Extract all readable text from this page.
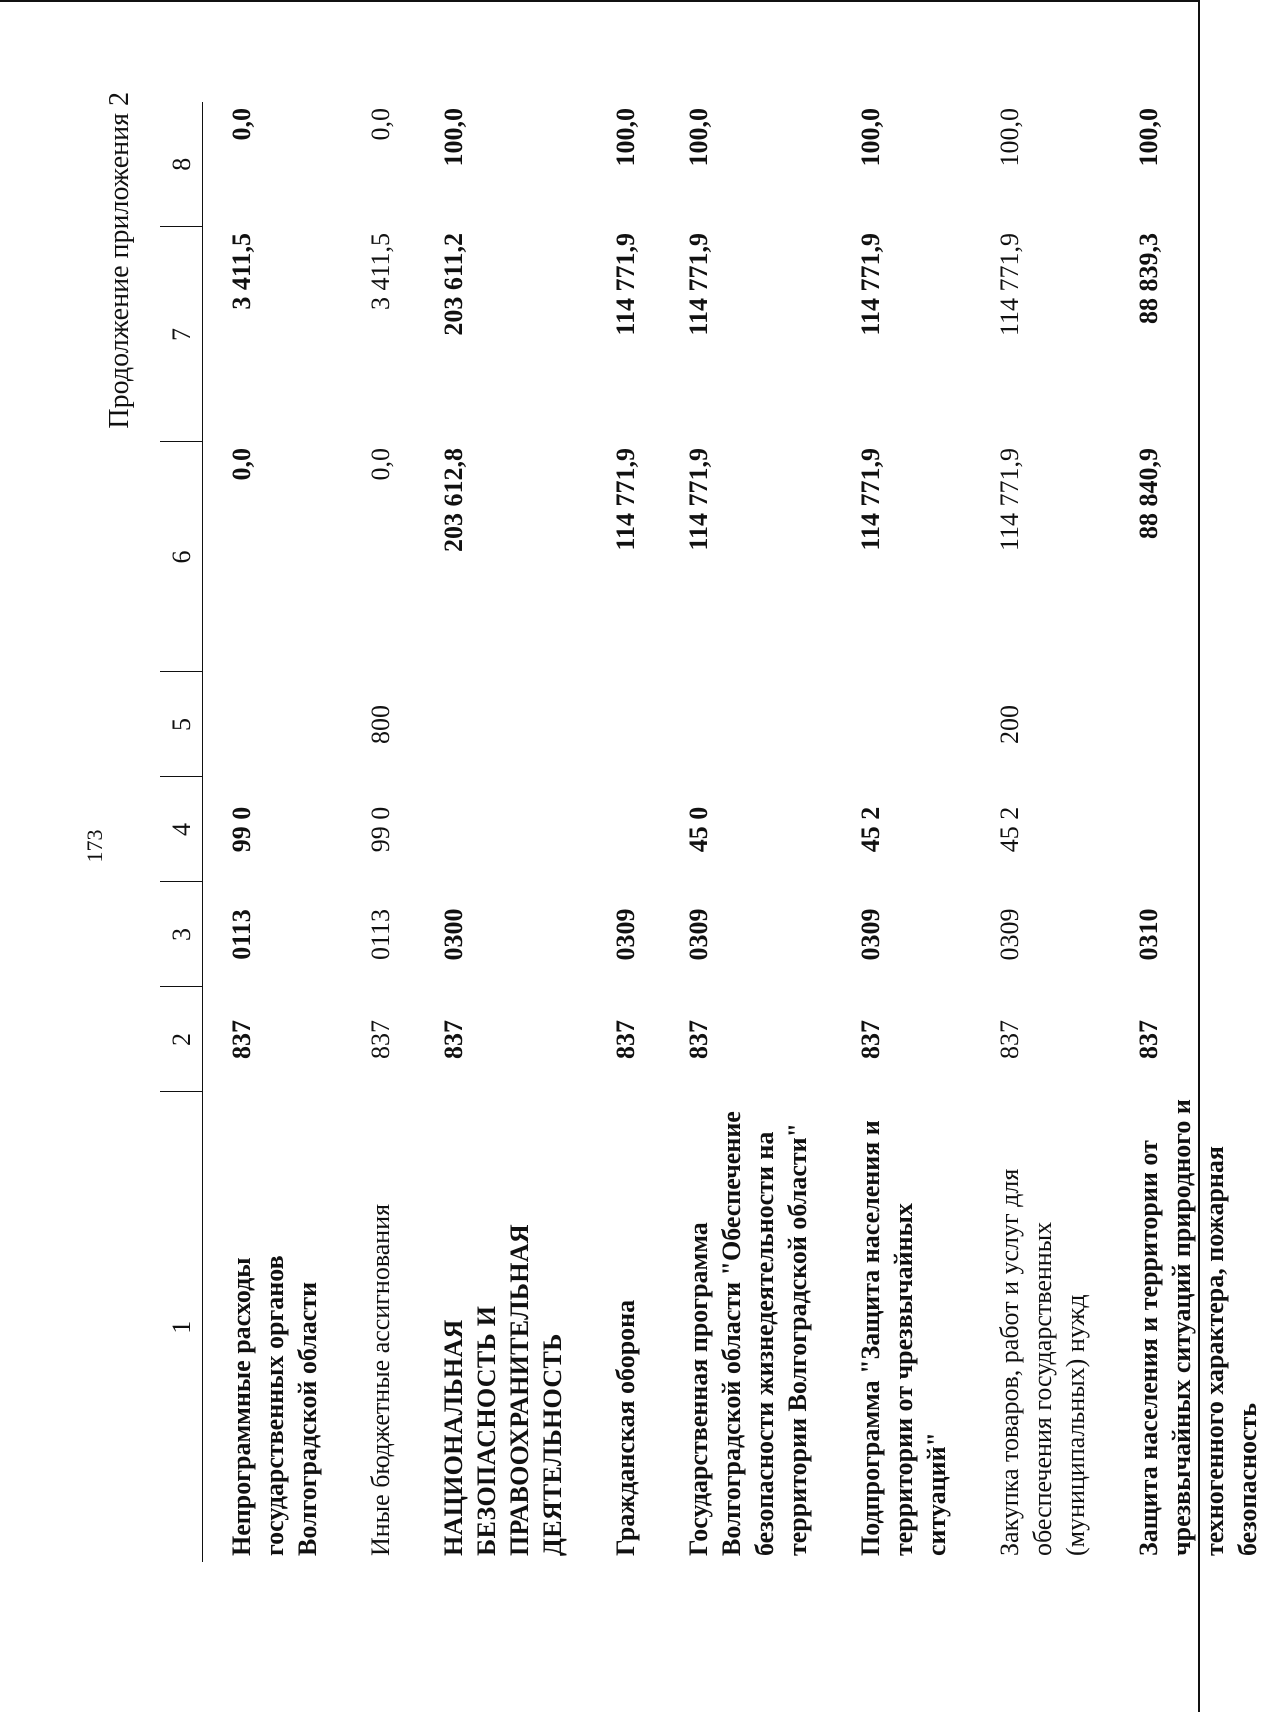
173
Продолжение приложения 2
1	2	3	4	5	6	7	8
Непрограммные расходы государственных органов Волгоградской области	837	0113	99 0		0,0	3 411,5	0,0
Иные бюджетные ассигнования	837	0113	99 0	800	0,0	3 411,5	0,0
НАЦИОНАЛЬНАЯ БЕЗОПАСНОСТЬ И ПРАВООХРАНИТЕЛЬНАЯ ДЕЯТЕЛЬНОСТЬ	837	0300			203 612,8	203 611,2	100,0
Гражданская оборона	837	0309			114 771,9	114 771,9	100,0
Государственная программа Волгоградской области "Обеспечение безопасности жизнедеятельности на территории Волгоградской области"	837	0309	45 0		114 771,9	114 771,9	100,0
Подпрограмма "Защита населения и территории от чрезвычайных ситуаций"	837	0309	45 2		114 771,9	114 771,9	100,0
Закупка товаров, работ и услуг для обеспечения государственных (муниципальных) нужд	837	0309	45 2	200	114 771,9	114 771,9	100,0
Защита населения и территории от чрезвычайных ситуаций природного и техногенного характера, пожарная безопасность	837	0310			88 840,9	88 839,3	100,0
